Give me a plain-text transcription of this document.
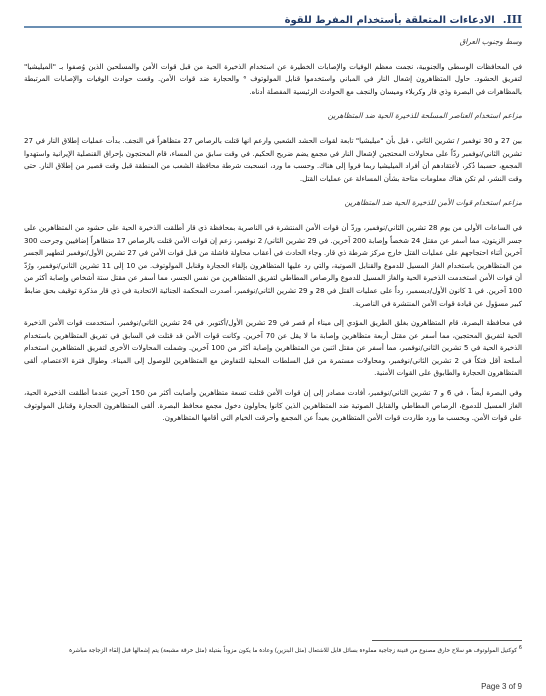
III.
الادعاءات المتعلقة بأستخدام المفرط للقوة
وسط وجنوب العراق

في المحافظات الوسطى والجنوبية، نجمت معظم الوفيات والإصابات الخطيرة عن استخدام الذخيرة الحية من قبل قوات الأمن والمسلحين الذين وُصفوا بـ "الميليشيا" لتفريق الحشود. حاول المتظاهرون إشعال النار في المباني واستخدموا قنابل المولوتوف ⁶ والحجارة ضد قوات الأمن. وقعت حوادث الوفيات والإصابات المرتبطة بالمظاهرات في البصرة وذي قار وكربلاء وميسان والنجف مع الحوادث الرئيسية المفصلة أدناه.

مزاعم استخدام العناصر المسلحة للذخيرة الحية ضد المتظاهرين

بين 27 و 30 نوفمبر / تشرين الثاني ، قيل بأن "ميليشيا" تابعة لقوات الحشد الشعبي وارعم انها قتلت بالرصاص 27 متظاهراً في النجف. بدأت عمليات إطلاق النار في 27 تشرين الثاني/نوفمبر ردّاً على محاولات المحتجين لإشعال النار في مجمع يضم ضريح الحكيم. في وقت سابق من المساء، قام المحتجون بإحراق القنصلية الإيرانية واستهدوا المجمع، حسبما ذُكر، لأعتقادهم أن أفراد الميليشيا ربما فروا إلى هناك. وحسب ما ورد، انسحبت شرطة محافظة الشعب من المنطقة قبل وقت قصير من إطلاق النار. حتى وقت النشر، لم تكن هناك معلومات متاحة بشأن المساءلة عن عمليات القتل.

مزاعم استخدام قوات الأمن للذخيرة الحية ضد المتظاهرين

في الساعات الأولى من يوم 28 تشرين الثاني/نوفمبر، وردّ أن قوات الأمن المنتشرة في الناصرية بمحافظة ذي قار أطلقت الذخيرة الحية على حشود من المتظاهرين على جسر الزيتون، مما أسفر عن مقتل 24 شخصاً وإصابة 200 آخرين. في 29 تشرين الثاني/ 2 نوفمبر، زعم إن قوات الأمن قتلت بالرصاص 17 متظاهراً إضافيين وجرحت 300 آخرين أثناء احتجاجهم على عمليات القتل خارج مركز شرطة ذي قار. وجاء الحادث في أعقاب محاولة فاشلة من قبل قوات الأمن في 27 تشرين الأول/نوفمبر لتطهير الجسر من المتظاهرين باستخدام الغاز المسيل للدموع والقنابل الصوتية، والتي رد عليها المتظاهرون بإلقاء الحجارة وقنابل المولوتوف. من 10 إلى 11 تشرين الثاني/نوفمبر، ورُدّ أن قوات الأمن استخدمت الذخيرة الحية والغاز المسيل للدموع والرصاص المطاطي لتفريق المتظاهرين من نفس الجسر، مما أسفر عن مقتل ستة أشخاص وإصابة أكثر من 100 آخرين. في 1 كانون الأول/ديسمبر، رداً على عمليات القتل في 28 و 29 تشرين الثاني/نوفمبر، أصدرت المحكمة الجنائية الاتحادية في ذي قار مذكرة توقيف بحق ضابط كبير مسؤول عن قيادة قوات الأمن المنتشرة في الناصرية.

في محافظة البصرة، قام المتظاهرون بغلق الطريق المؤدي إلى ميناء أم قصر في 29 تشرين الأول/أكتوبر. في 24 تشرين الثاني/نوفمبر، أستخدمت قوات الأمن الذخيرة الحية لتفريق المحتجين، مما أسفر عن مقتل أربعة متظاهرين وإصابة ما لا يقل عن 70 آخرين. وكانت قوات الأمن قد قتلت في السابق في تفريق المتظاهرين باستخدام الذخيرة الحية في 5 تشرين الثاني/نوفمبر، مما أسفر عن مقتل اثنين من المتظاهرين وإصابة أكثر من 100 آخرين. وشملت المحاولات الأخرى لتفريق المتظاهرين استخدام أسلحة أقل فتكاً في 2 تشرين الثاني/نوفمبر، ومحاولات مستمرة من قبل السلطات المحلية للتفاوض مع المتظاهرين للوصول إلى الميناء. وطوال فترة الاعتصام، ألقى المتظاهرون الحجارة والطابوق على القوات الأمنية.

وفي البصرة أيضاً ، في 6 و 7 تشرين الثاني/نوفمبر، أفادت مصادر إلى إن قوات الأمن قتلت تسعة متظاهرين وأصابت أكثر من 150 آخرين عندما أطلقت الذخيرة الحية، الغاز المسيل للدموع، الرصاص المطاطي والقنابل الصوتية ضد المتظاهرين الذين كانوا يحاولون دخول مجمع محافظ البصرة. ألقى المتظاهرون الحجارة وقنابل المولوتوف على قوات الأمن. وبحسب ما ورد طاردت قوات الأمن المتظاهرين بعيداً عن المجمع وأحرقت الخيام التي أقامها المتظاهرون.

$^6$ كوكتيل المولوتوف هو سلاح حارق مصنوع من قنينة زجاجية مملوءة بسائل قابل للاشتعال (مثل البنزين) وعادة ما يكون مزوداً بفتيلة (مثل خرقة مشبعة) يتم إشعالها قبل إلقاء الزجاجة مباشرة
Page 3 of 9
